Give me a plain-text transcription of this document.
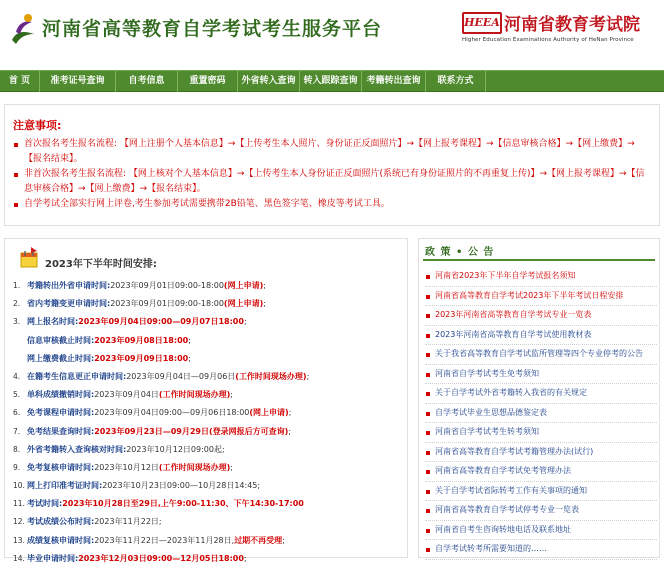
河南省高等教育自学考试考生服务平台	HEEA 河南省教育考试院
Higher Education Examinations Authority of HeNan Province
首 页	准考证号查询	自考信息	重置密码	外省转入查询 转入跟踪查询 考籍转出查询	联系方式
注意事项:
首次报名考生报名流程: 【网上注册个人基本信息】→【上传考生本人照片、身份证正反面照片】→【网上报考课程】→【信息审核合格】→【网上缴费】→【报名结束】。
非首次报名考生报名流程: 【网上核对个人基本信息】→【上传考生本人身份证正反面照片(系统已有身份证照片的不再重复上传)】→【网上报考课程】→【信息审核合格】→【网上缴费】→【报名结束】。
自学考试全部实行网上评卷,考生参加考试需要携带2B铅笔、黑色签字笔、橡皮等考试工具。
2023年下半年时间安排:
1. 考籍转出外省申请时间:2023年09月01日09:00-18:00(网上申请);
2. 省内考籍变更申请时间:2023年09月01日09:00-18:00(网上申请);
3. 网上报名时间:2023年09月04日09:00—09月07日18:00;
信息审核截止时间:2023年09月08日18:00;
网上缴费截止时间:2023年09月09日18:00;
4. 在籍考生信息更正申请时间:2023年09月04日—09月06日(工作时间现场办理);
5. 单科成绩撤销时间:2023年09月04日(工作时间现场办理);
6. 免考课程申请时间:2023年09月04日09:00—09月06日18:00(网上申请);
7. 免考结果查询时间:2023年09月23日—09月29日(登录网报后方可查询);
8. 外省考籍转入查询核对时间:2023年10月12日09:00起;
9. 免考复核申请时间:2023年10月12日(工作时间现场办理);
10. 网上打印准考证时间:2023年10月23日09:00—10月28日14:45;
11. 考试时间:2023年10月28日至29日,上午9:00-11:30、下午14:30-17:00
12. 考试成绩公布时间:2023年11月22日;
13. 成绩复核申请时间:2023年11月22日—2023年11月28日,过期不再受理;
14. 毕业申请时间:2023年12月03日09:00—12月05日18:00;
政 策 • 公 告
河南省2023年下半年自学考试报名须知
河南省高等教育自学考试2023年下半年考试日程安排
2023年河南省高等教育自学考试专业一览表
2023年河南省高等教育自学考试使用教材表
关于我省高等教育自学考试监所管理等四个专业停考的公告
河南省自学考试考生免考须知
关于自学考试外省考籍转入我省的有关规定
自学考试毕业生思想品德鉴定表
河南省自学考试考生转考须知
河南省高等教育自学考试考籍管理办法(试行)
河南省高等教育自学考试免考管理办法
关于自学考试省际转考工作有关事项的通知
河南省高等教育自学考试停考专业一览表
河南省自考生咨询转地电话及联系地址
自学考试转考所需要知道的……
